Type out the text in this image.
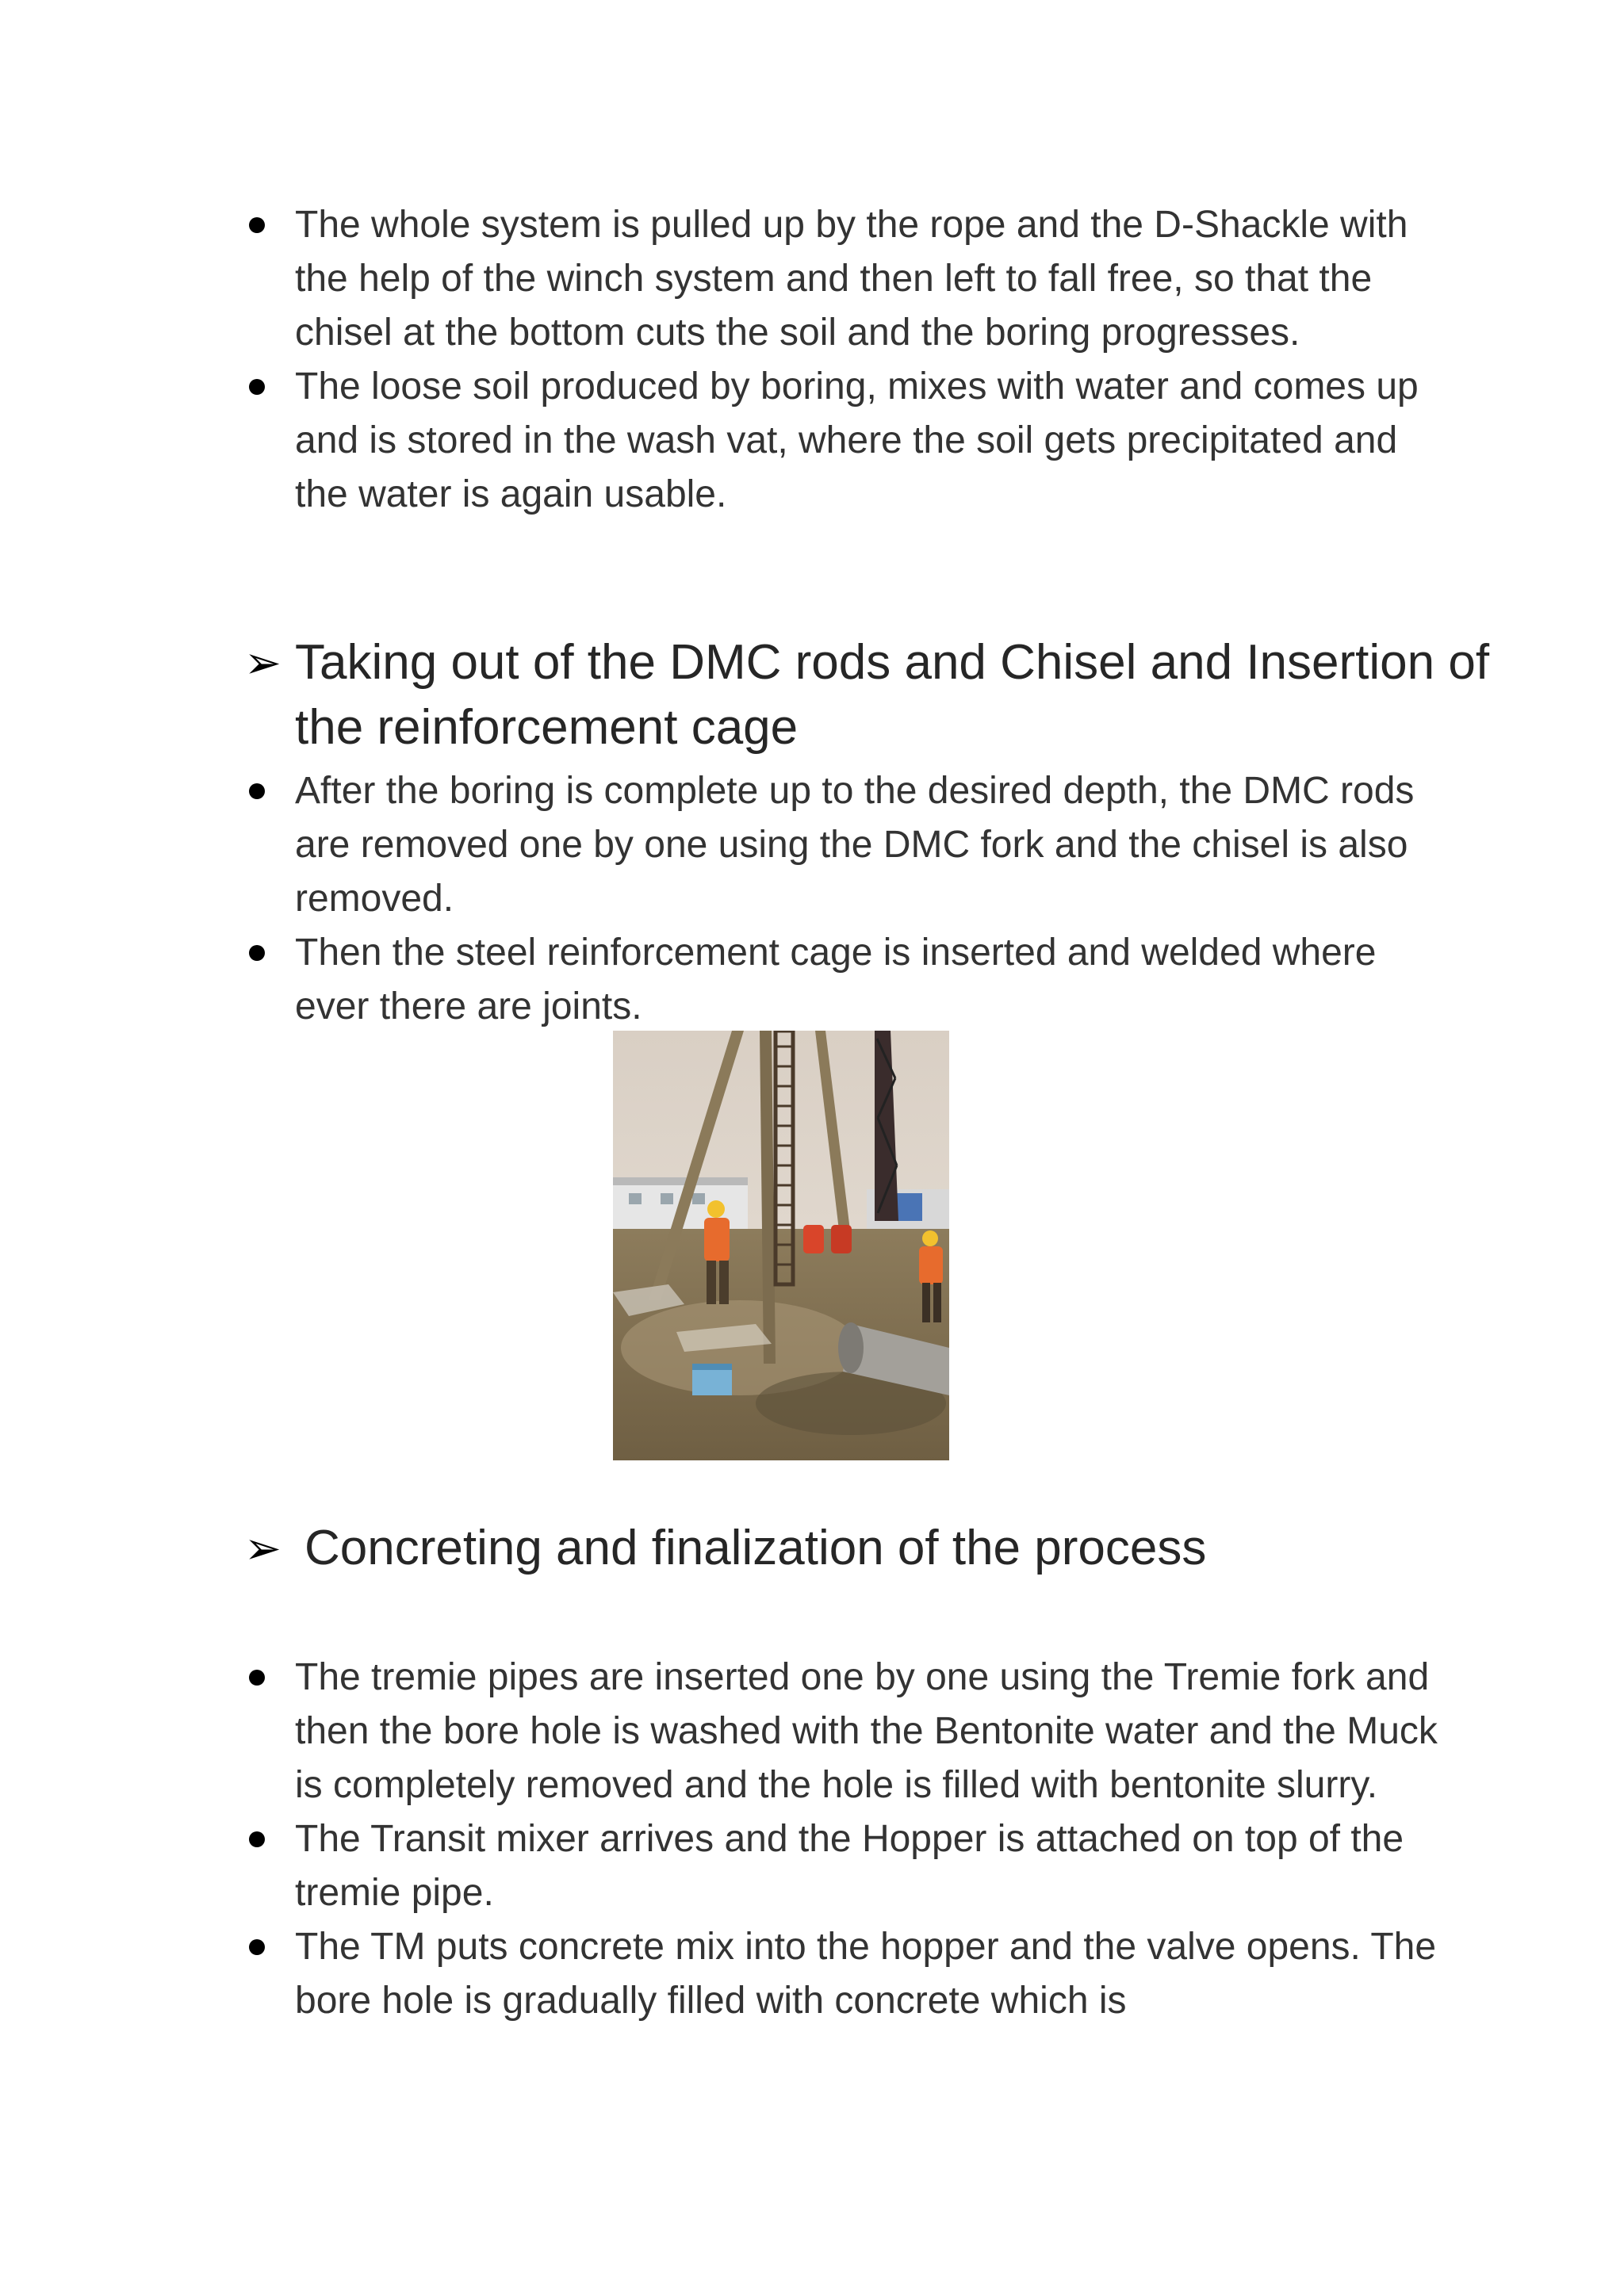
The whole system is pulled up by the rope and the D-Shackle with the help of the winch system and then left to fall free, so that the chisel at the bottom cuts the soil and the boring progresses.
The loose soil produced by boring, mixes with water and comes up and is stored in the wash vat, where the soil gets precipitated and the water is again usable.
➢ Taking out of the DMC rods and Chisel and Insertion of the reinforcement cage
After the boring is complete up to the desired depth, the DMC rods are removed one by one using the DMC fork and the chisel is also removed.
Then the steel reinforcement cage is inserted and welded where ever there are joints.
➢ Concreting and finalization of the process
The tremie pipes are inserted one by one using the Tremie fork and then the bore hole is washed with the Bentonite water and the Muck is completely removed and the hole is filled with bentonite slurry.
The Transit mixer arrives and the Hopper is attached on top of the tremie pipe.
The TM puts concrete mix into the hopper and the valve opens. The bore hole is gradually filled with concrete which is
